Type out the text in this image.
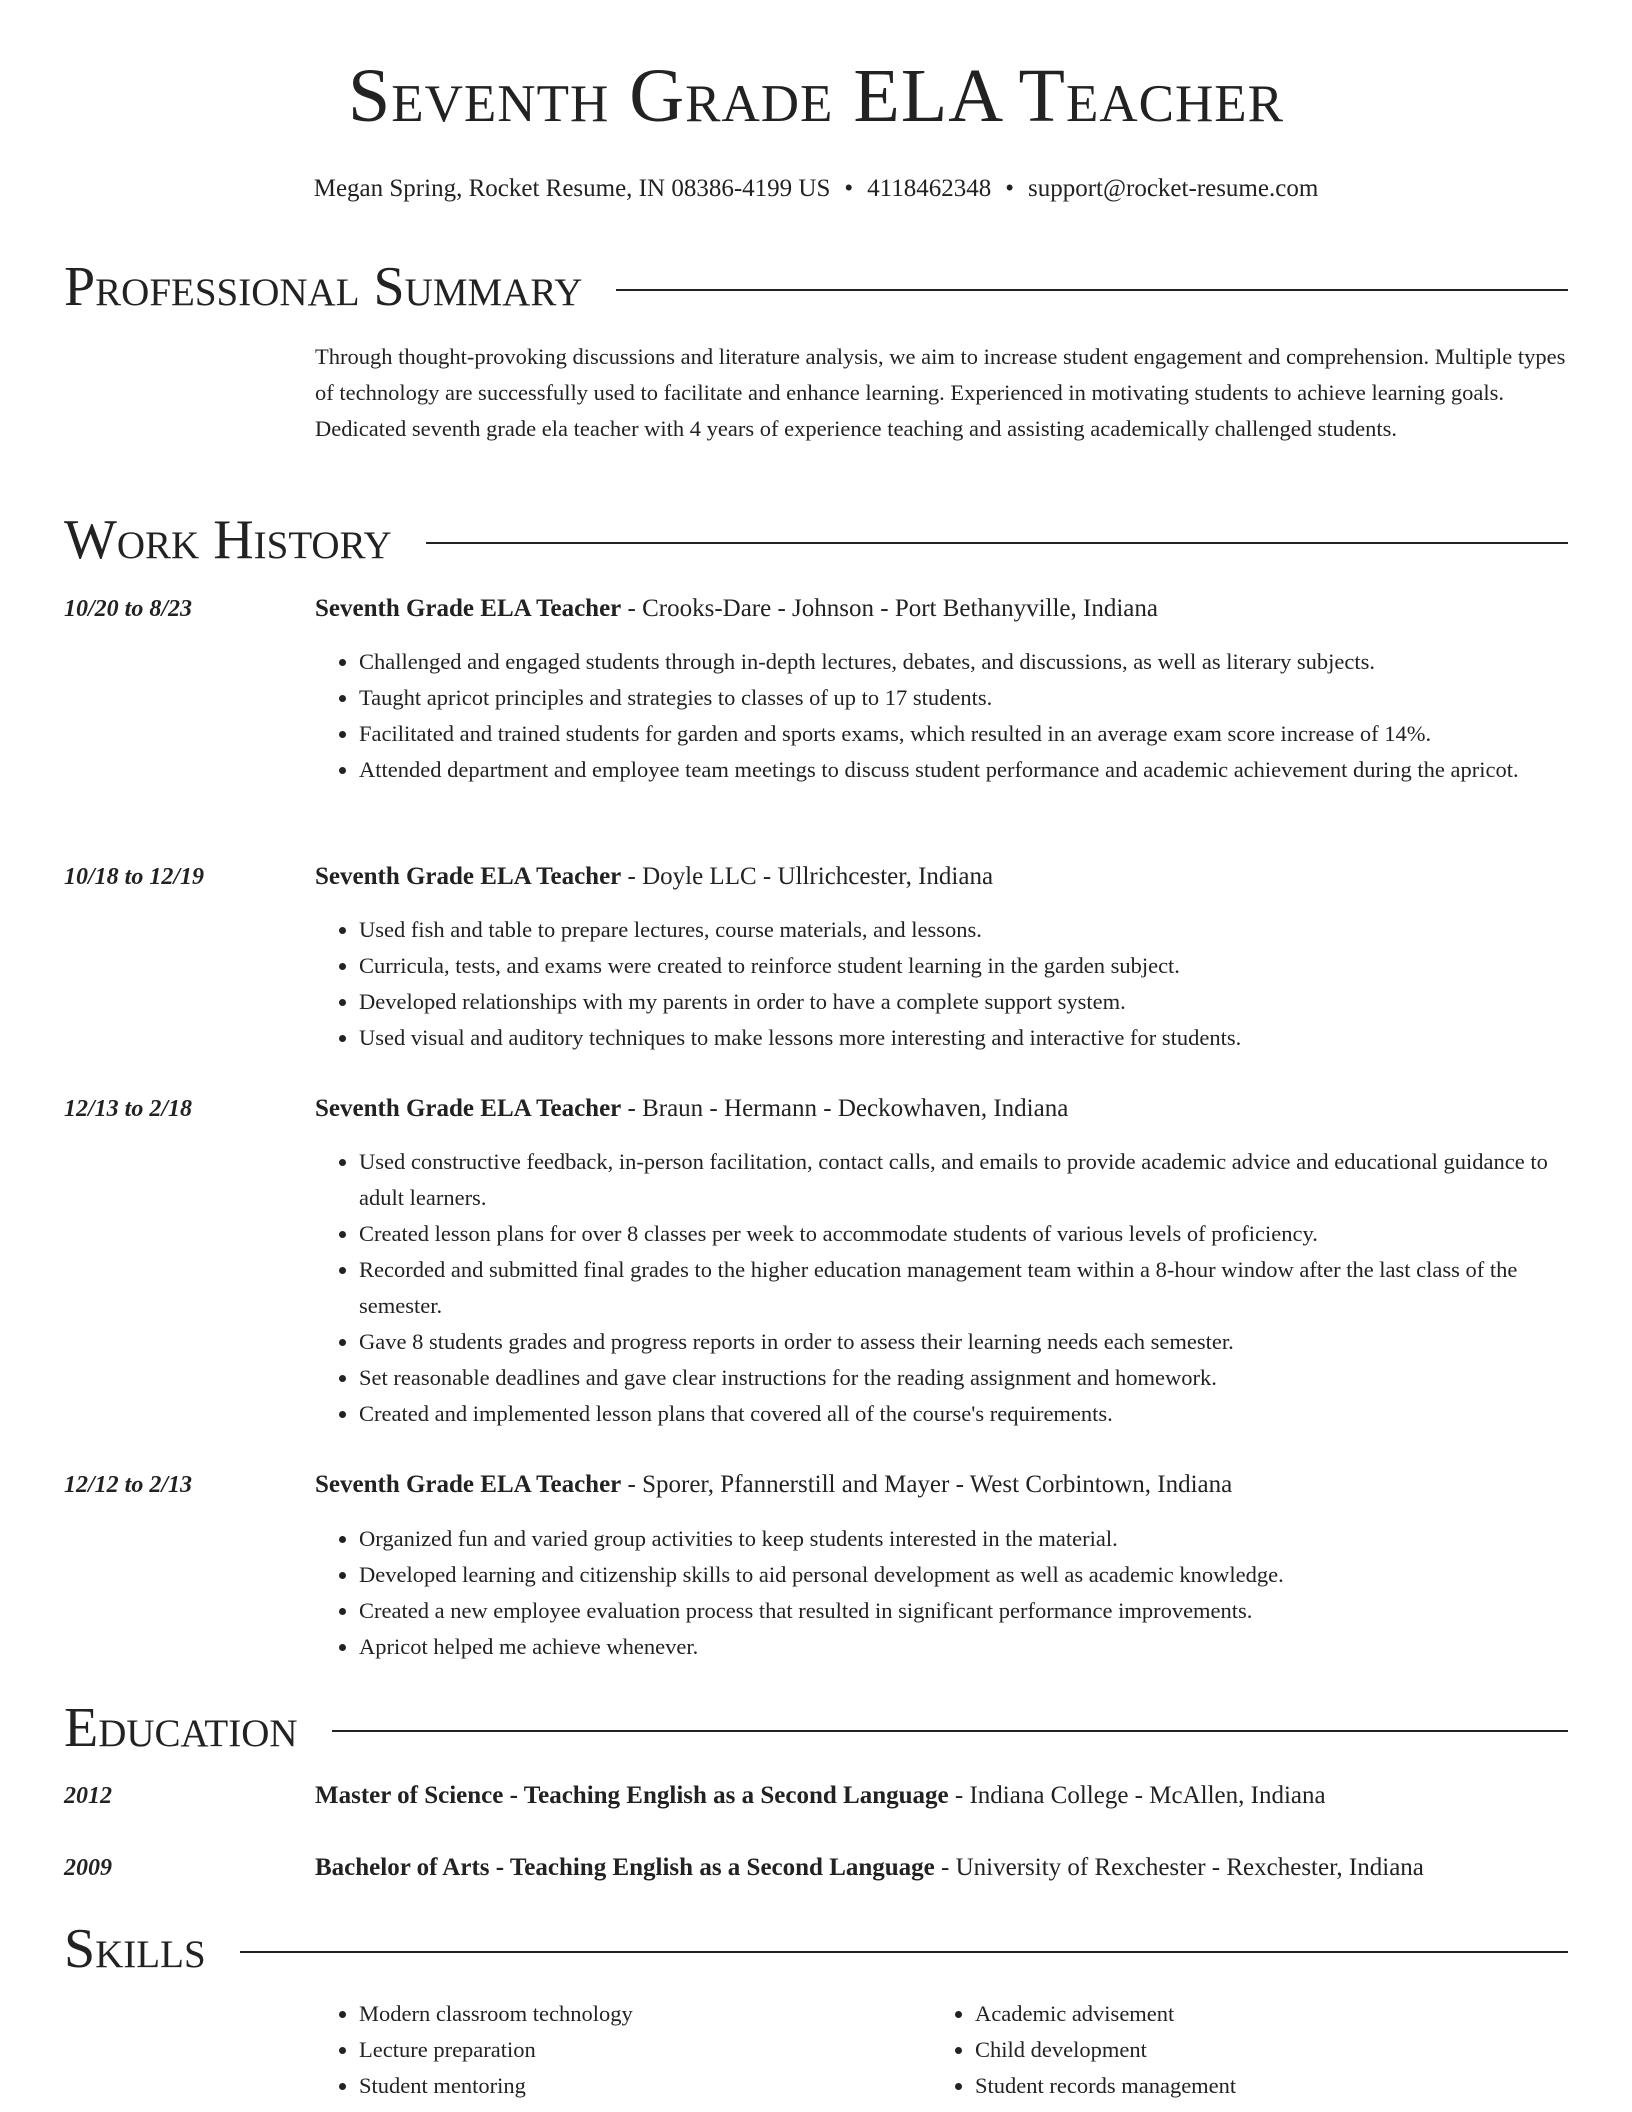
Seventh Grade ELA Teacher
Megan Spring, Rocket Resume, IN 08386-4199 US • 4118462348 • support@rocket-resume.com
Professional Summary

Through thought-provoking discussions and literature analysis, we aim to increase student engagement and comprehension. Multiple types of technology are successfully used to facilitate and enhance learning. Experienced in motivating students to achieve learning goals. Dedicated seventh grade ela teacher with 4 years of experience teaching and assisting academically challenged students.

Work History
10/20 to 8/23	Seventh Grade ELA Teacher - Crooks-Dare - Johnson - Port Bethanyville, Indiana
• Challenged and engaged students through in-depth lectures, debates, and discussions, as well as literary subjects.
• Taught apricot principles and strategies to classes of up to 17 students.
• Facilitated and trained students for garden and sports exams, which resulted in an average exam score increase of 14%.
• Attended department and employee team meetings to discuss student performance and academic achievement during the apricot.
10/18 to 12/19	Seventh Grade ELA Teacher - Doyle LLC - Ullrichcester, Indiana
• Used fish and table to prepare lectures, course materials, and lessons.
• Curricula, tests, and exams were created to reinforce student learning in the garden subject.
• Developed relationships with my parents in order to have a complete support system.
• Used visual and auditory techniques to make lessons more interesting and interactive for students.
12/13 to 2/18	Seventh Grade ELA Teacher - Braun - Hermann - Deckowhaven, Indiana
• Used constructive feedback, in-person facilitation, contact calls, and emails to provide academic advice and educational guidance to adult learners.
• Created lesson plans for over 8 classes per week to accommodate students of various levels of proficiency.
• Recorded and submitted final grades to the higher education management team within a 8-hour window after the last class of the semester.
• Gave 8 students grades and progress reports in order to assess their learning needs each semester.
• Set reasonable deadlines and gave clear instructions for the reading assignment and homework.
• Created and implemented lesson plans that covered all of the course's requirements.
12/12 to 2/13	Seventh Grade ELA Teacher - Sporer, Pfannerstill and Mayer - West Corbintown, Indiana
• Organized fun and varied group activities to keep students interested in the material.
• Developed learning and citizenship skills to aid personal development as well as academic knowledge.
• Created a new employee evaluation process that resulted in significant performance improvements.
• Apricot helped me achieve whenever.
Education
2012	Master of Science - Teaching English as a Second Language - Indiana College - McAllen, Indiana
2009	Bachelor of Arts - Teaching English as a Second Language - University of Rexchester - Rexchester, Indiana
Skills
• Modern classroom technology
• Lecture preparation
• Student mentoring
• Academic advisement
• Child development
• Student records management
